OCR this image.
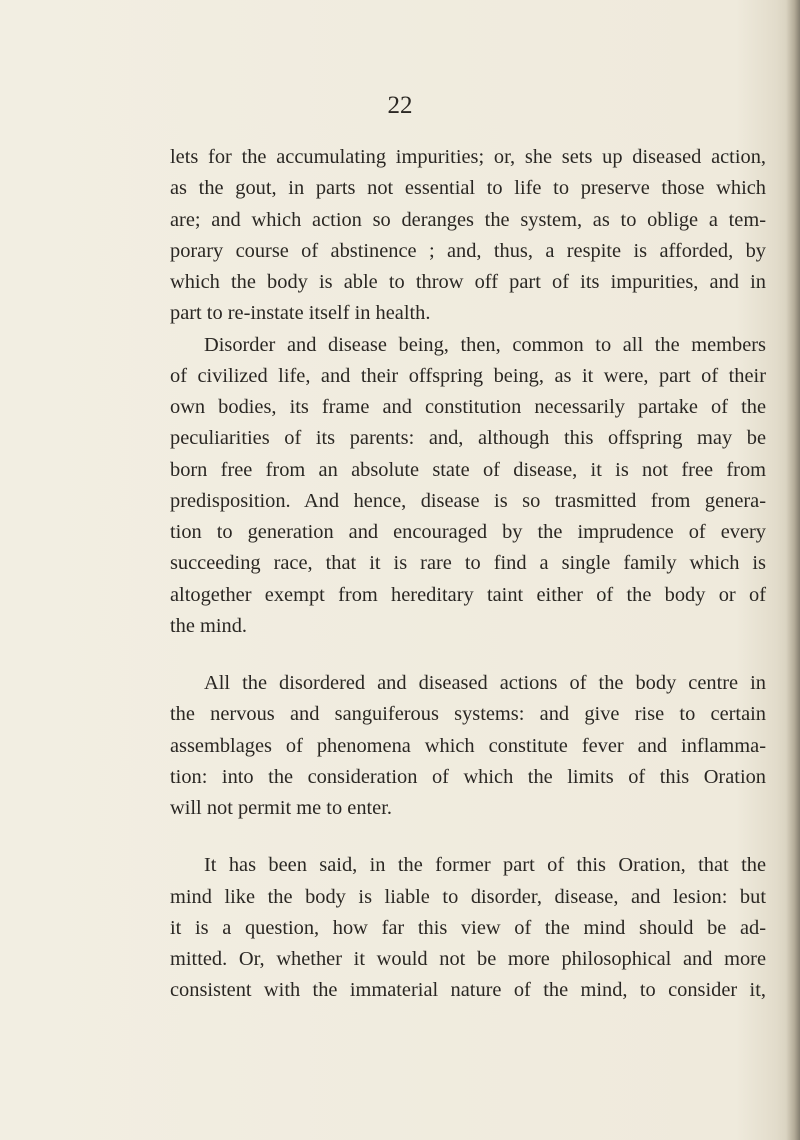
22
lets for the accumulating impurities; or, she sets up diseased action,
as the gout, in parts not essential to life to preserve those which
are; and which action so deranges the system, as to oblige a tem-
porary course of abstinence ; and, thus, a respite is afforded, by
which the body is able to throw off part of its impurities, and in
part to re-instate itself in health.
Disorder and disease being, then, common to all the members
of civilized life, and their offspring being, as it were, part of their
own bodies, its frame and constitution necessarily partake of the
peculiarities of its parents: and, although this offspring may be
born free from an absolute state of disease, it is not free from
predisposition. And hence, disease is so trasmitted from genera-
tion to generation and encouraged by the imprudence of every
succeeding race, that it is rare to find a single family which is
altogether exempt from hereditary taint either of the body or of
the mind.
All the disordered and diseased actions of the body centre in
the nervous and sanguiferous systems: and give rise to certain
assemblages of phenomena which constitute fever and inflamma-
tion: into the consideration of which the limits of this Oration
will not permit me to enter.
It has been said, in the former part of this Oration, that the
mind like the body is liable to disorder, disease, and lesion: but
it is a question, how far this view of the mind should be ad-
mitted. Or, whether it would not be more philosophical and more
consistent with the immaterial nature of the mind, to consider it,
